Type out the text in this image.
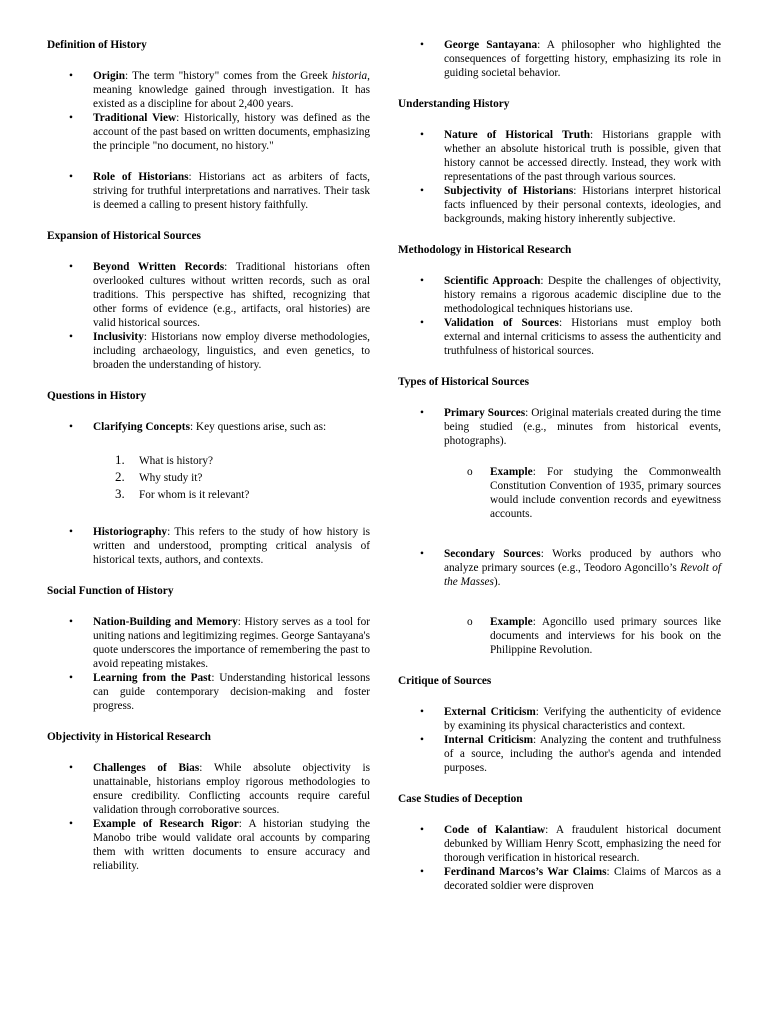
Definition of History
• Origin: The term "history" comes from the Greek historia, meaning knowledge gained through investigation. It has existed as a discipline for about 2,400 years.
• Traditional View: Historically, history was defined as the account of the past based on written documents, emphasizing the principle "no document, no history."
• Role of Historians: Historians act as arbiters of facts, striving for truthful interpretations and narratives. Their task is deemed a calling to present history faithfully.
Expansion of Historical Sources
• Beyond Written Records: Traditional historians often overlooked cultures without written records, such as oral traditions. This perspective has shifted, recognizing that other forms of evidence (e.g., artifacts, oral histories) are valid historical sources.
• Inclusivity: Historians now employ diverse methodologies, including archaeology, linguistics, and even genetics, to broaden the understanding of history.
Questions in History
• Clarifying Concepts: Key questions arise, such as:
1. What is history?
2. Why study it?
3. For whom is it relevant?
• Historiography: This refers to the study of how history is written and understood, prompting critical analysis of historical texts, authors, and contexts.
Social Function of History
• Nation-Building and Memory: History serves as a tool for uniting nations and legitimizing regimes. George Santayana's quote underscores the importance of remembering the past to avoid repeating mistakes.
• Learning from the Past: Understanding historical lessons can guide contemporary decision-making and foster progress.
Objectivity in Historical Research
• Challenges of Bias: While absolute objectivity is unattainable, historians employ rigorous methodologies to ensure credibility. Conflicting accounts require careful validation through corroborative sources.
• Example of Research Rigor: A historian studying the Manobo tribe would validate oral accounts by comparing them with written documents to ensure accuracy and reliability.
• George Santayana: A philosopher who highlighted the consequences of forgetting history, emphasizing its role in guiding societal behavior.
Understanding History
• Nature of Historical Truth: Historians grapple with whether an absolute historical truth is possible, given that history cannot be accessed directly. Instead, they work with representations of the past through various sources.
• Subjectivity of Historians: Historians interpret historical facts influenced by their personal contexts, ideologies, and backgrounds, making history inherently subjective.
Methodology in Historical Research
• Scientific Approach: Despite the challenges of objectivity, history remains a rigorous academic discipline due to the methodological techniques historians use.
• Validation of Sources: Historians must employ both external and internal criticisms to assess the authenticity and truthfulness of historical sources.
Types of Historical Sources
• Primary Sources: Original materials created during the time being studied (e.g., minutes from historical events, photographs).
o Example: For studying the Commonwealth Constitution Convention of 1935, primary sources would include convention records and eyewitness accounts.
• Secondary Sources: Works produced by authors who analyze primary sources (e.g., Teodoro Agoncillo’s Revolt of the Masses).
o Example: Agoncillo used primary sources like documents and interviews for his book on the Philippine Revolution.
Critique of Sources
• External Criticism: Verifying the authenticity of evidence by examining its physical characteristics and context.
• Internal Criticism: Analyzing the content and truthfulness of a source, including the author's agenda and intended purposes.
Case Studies of Deception
• Code of Kalantiaw: A fraudulent historical document debunked by William Henry Scott, emphasizing the need for thorough verification in historical research.
• Ferdinand Marcos’s War Claims: Claims of Marcos as a decorated soldier were disproven
